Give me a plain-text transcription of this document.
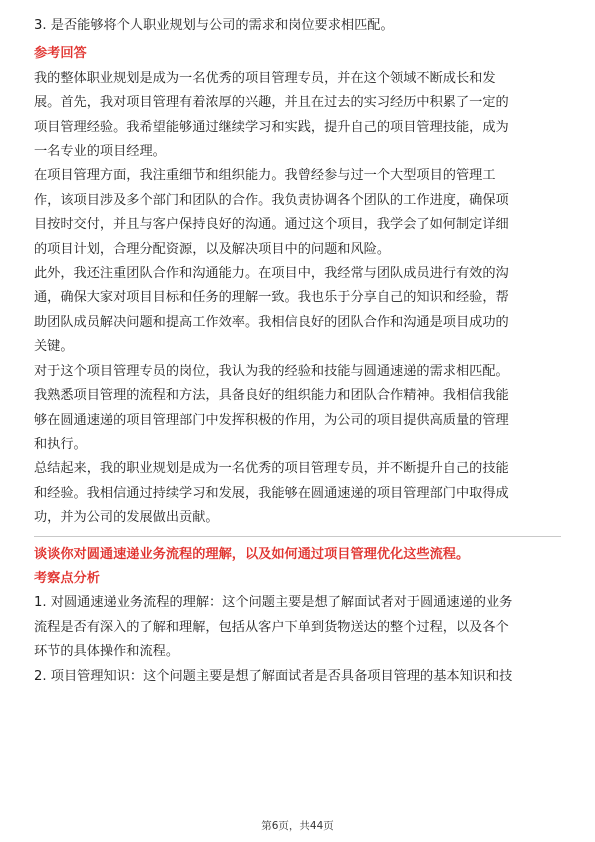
3. 是否能够将个人职业规划与公司的需求和岗位要求相匹配。

参考回答

我的整体职业规划是成为一名优秀的项目管理专员，并在这个领域不断成长和发

展。首先，我对项目管理有着浓厚的兴趣，并且在过去的实习经历中积累了一定的

项目管理经验。我希望能够通过继续学习和实践，提升自己的项目管理技能，成为

一名专业的项目经理。

在项目管理方面，我注重细节和组织能力。我曾经参与过一个大型项目的管理工

作，该项目涉及多个部门和团队的合作。我负责协调各个团队的工作进度，确保项

目按时交付，并且与客户保持良好的沟通。通过这个项目，我学会了如何制定详细

的项目计划，合理分配资源，以及解决项目中的问题和风险。

此外，我还注重团队合作和沟通能力。在项目中，我经常与团队成员进行有效的沟

通，确保大家对项目目标和任务的理解一致。我也乐于分享自己的知识和经验，帮

助团队成员解决问题和提高工作效率。我相信良好的团队合作和沟通是项目成功的

关键。

对于这个项目管理专员的岗位，我认为我的经验和技能与圆通速递的需求相匹配。

我熟悉项目管理的流程和方法，具备良好的组织能力和团队合作精神。我相信我能

够在圆通速递的项目管理部门中发挥积极的作用，为公司的项目提供高质量的管理

和执行。

总结起来，我的职业规划是成为一名优秀的项目管理专员，并不断提升自己的技能

和经验。我相信通过持续学习和发展，我能够在圆通速递的项目管理部门中取得成

功，并为公司的发展做出贡献。

谈谈你对圆通速递业务流程的理解，以及如何通过项目管理优化这些流程。

考察点分析

1. 对圆通速递业务流程的理解：这个问题主要是想了解面试者对于圆通速递的业务

流程是否有深入的了解和理解，包括从客户下单到货物送达的整个过程，以及各个

环节的具体操作和流程。

2. 项目管理知识：这个问题主要是想了解面试者是否具备项目管理的基本知识和技

第6页，共44页
